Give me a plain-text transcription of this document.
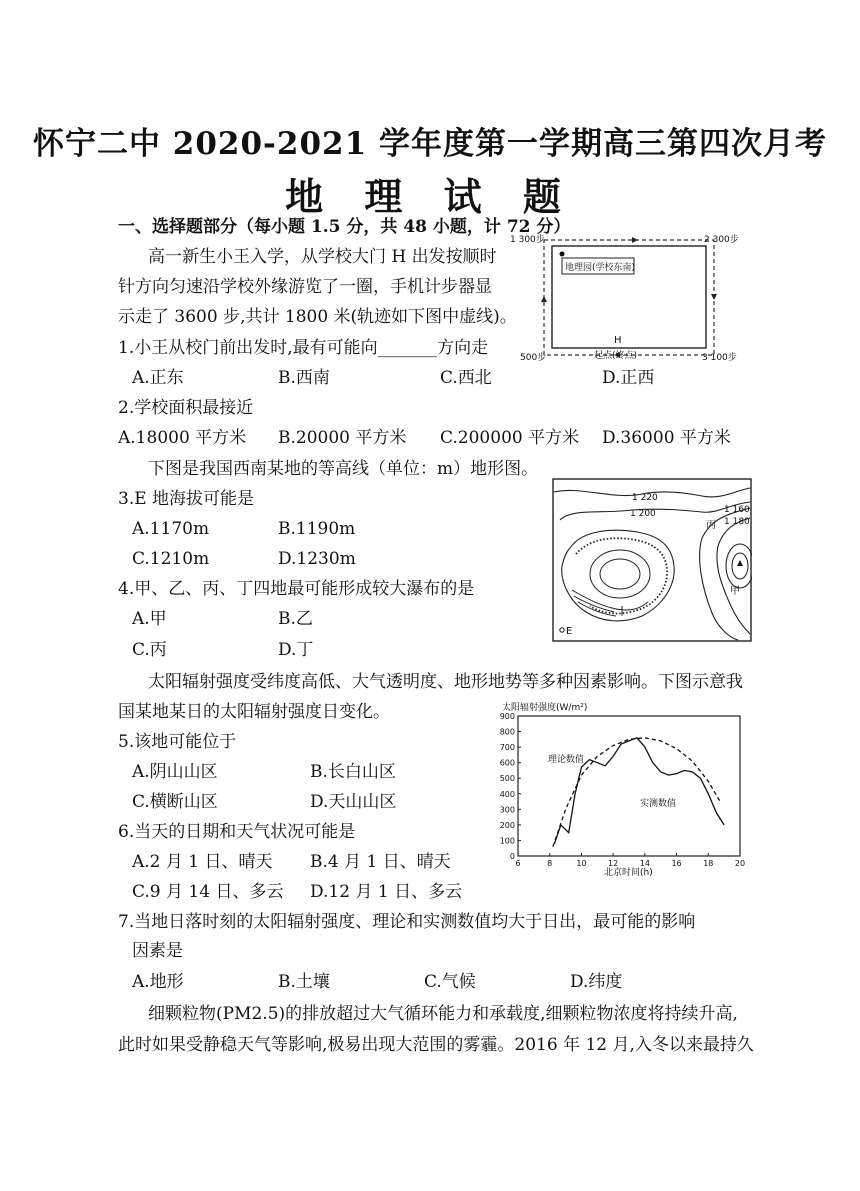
怀宁二中 2020-2021 学年度第一学期高三第四次月考
地 理 试 题
一、选择题部分（每小题 1.5 分，共 48 小题，计 72 分）
高一新生小王入学，从学校大门 H 出发按顺时
针方向匀速沿学校外缘游览了一圈，手机计步器显
示走了 3600 步,共计 1800 米(轨迹如下图中虚线)。
1.小王从校门前出发时,最有可能向_______方向走
A.正东	B.西南	C.西北	D.正西
2.学校面积最接近
A.18000 平方米 B.20000 平方米 C.200000 平方米 D.36000 平方米
下图是我国西南某地的等高线（单位：m）地形图。
3.E 地海拔可能是
A.1170m	B.1190m
C.1210m	D.1230m
4.甲、乙、丙、丁四地最可能形成较大瀑布的是
A.甲	B.乙
C.丙	D.丁
太阳辐射强度受纬度高低、大气透明度、地形地势等多种因素影响。下图示意我
国某地某日的太阳辐射强度日变化。
5.该地可能位于
A.阴山山区	B.长白山区
C.横断山区	D.天山山区
6.当天的日期和天气状况可能是
A.2 月 1 日、晴天 B.4 月 1 日、晴天
C.9 月 14 日、多云 D.12 月 1 日、多云
7.当地日落时刻的太阳辐射强度、理论和实测数值均大于日出，最可能的影响
因素是
A.地形	B.土壤	C.气候	D.纬度
细颗粒物(PM2.5)的排放超过大气循环能力和承载度,细颗粒物浓度将持续升高,
此时如果受静稳天气等影响,极易出现大范围的雾霾。2016 年 12 月,入冬以来最持久
地理园(学校东南)
1 300步	2 300步
500步	3 100步
H
起点(终点)
1 220
1 200	1 160
1 180
丙
甲
E
太阳辐射强度(W/m²)
北京时间(h)
0
100
200
300
400
500
600
700
800
900
6	8	10	12	14	16	18	20
理论数值
实测数值
